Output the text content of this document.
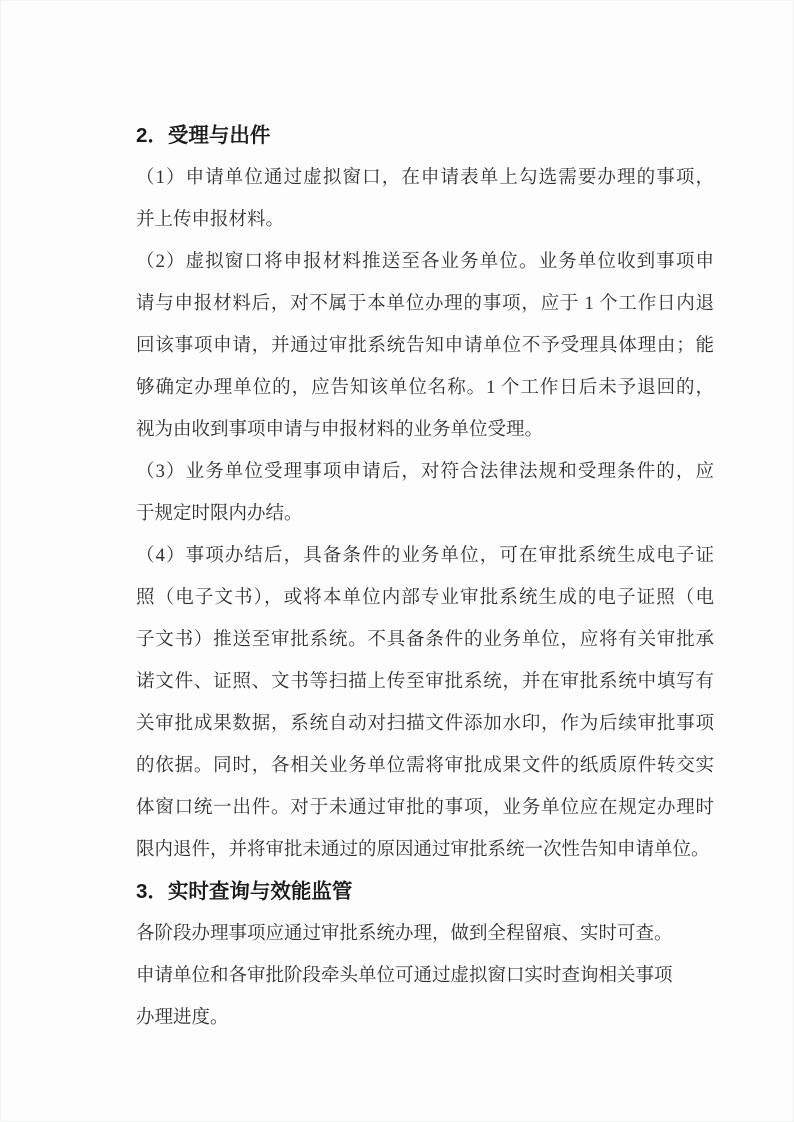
2．受理与出件
（1）申请单位通过虚拟窗口，在申请表单上勾选需要办理的事项，
并上传申报材料。
（2）虚拟窗口将申报材料推送至各业务单位。业务单位收到事项申
请与申报材料后，对不属于本单位办理的事项，应于 1 个工作日内退
回该事项申请，并通过审批系统告知申请单位不予受理具体理由；能
够确定办理单位的，应告知该单位名称。1 个工作日后未予退回的，
视为由收到事项申请与申报材料的业务单位受理。
（3）业务单位受理事项申请后，对符合法律法规和受理条件的，应
于规定时限内办结。
（4）事项办结后，具备条件的业务单位，可在审批系统生成电子证
照（电子文书），或将本单位内部专业审批系统生成的电子证照（电
子文书）推送至审批系统。不具备条件的业务单位，应将有关审批承
诺文件、证照、文书等扫描上传至审批系统，并在审批系统中填写有
关审批成果数据，系统自动对扫描文件添加水印，作为后续审批事项
的依据。同时，各相关业务单位需将审批成果文件的纸质原件转交实
体窗口统一出件。对于未通过审批的事项，业务单位应在规定办理时
限内退件，并将审批未通过的原因通过审批系统一次性告知申请单位。
3．实时查询与效能监管
各阶段办理事项应通过审批系统办理，做到全程留痕、实时可查。
申请单位和各审批阶段牵头单位可通过虚拟窗口实时查询相关事项
办理进度。
